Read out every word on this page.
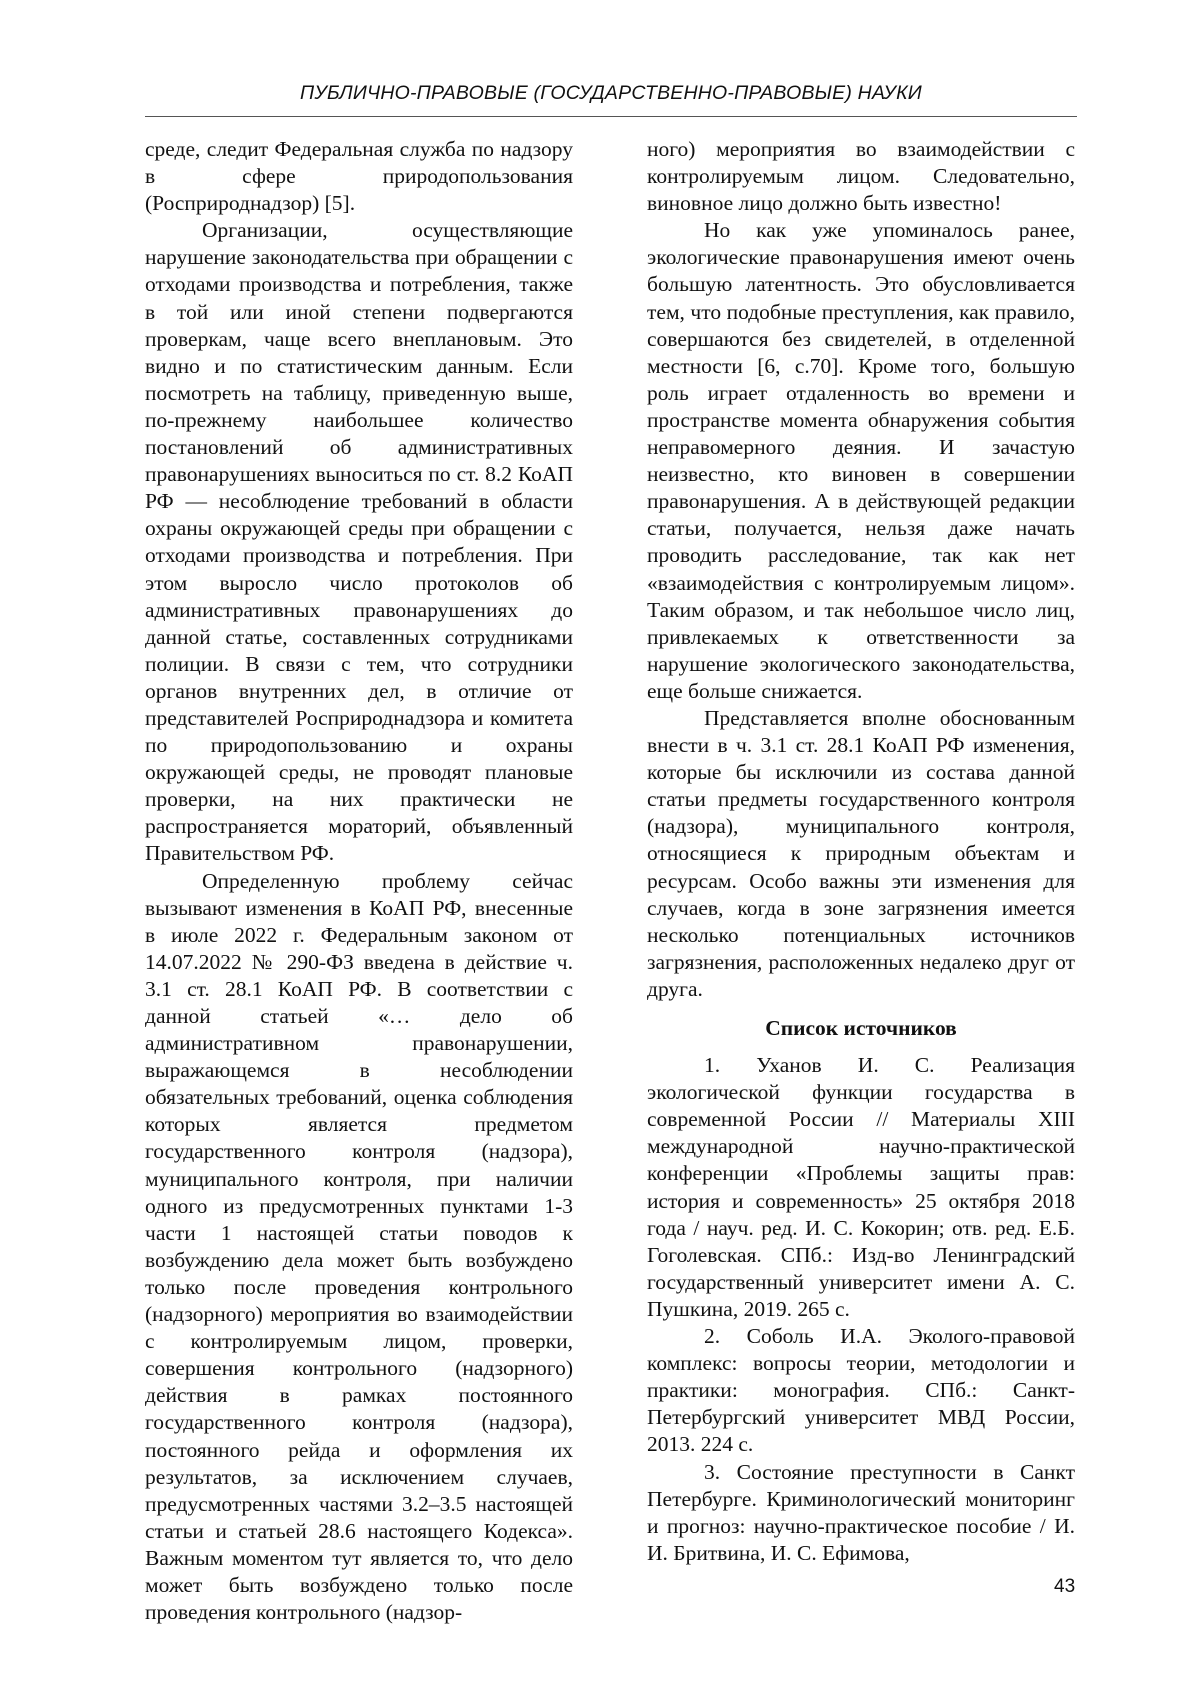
ПУБЛИЧНО-ПРАВОВЫЕ (ГОСУДАРСТВЕННО-ПРАВОВЫЕ) НАУКИ

среде, следит Федеральная служба по надзору в сфере природопользования (Росприроднадзор) [5].

Организации, осуществляющие нарушение законодательства при обращении с отходами производства и потребления, также в той или иной степени подвергаются проверкам, чаще всего внеплановым. Это видно и по статистическим данным. Если посмотреть на таблицу, приведенную выше, по-прежнему наибольшее количество постановлений об административных правонарушениях выноситься по ст. 8.2 КоАП РФ — несоблюдение требований в области охраны окружающей среды при обращении с отходами производства и потребления. При этом выросло число протоколов об административных правонарушениях до данной статье, составленных сотрудниками полиции. В связи с тем, что сотрудники органов внутренних дел, в отличие от представителей Росприроднадзора и комитета по природопользованию и охраны окружающей среды, не проводят плановые проверки, на них практически не распространяется мораторий, объявленный Правительством РФ.

Определенную проблему сейчас вызывают изменения в КоАП РФ, внесенные в июле 2022 г. Федеральным законом от 14.07.2022 № 290-ФЗ введена в действие ч. 3.1 ст. 28.1 КоАП РФ. В соответствии с данной статьей «… дело об административном правонарушении, выражающемся в несоблюдении обязательных требований, оценка соблюдения которых является предметом государственного контроля (надзора), муниципального контроля, при наличии одного из предусмотренных пунктами 1-3 части 1 настоящей статьи поводов к возбуждению дела может быть возбуждено только после проведения контрольного (надзорного) мероприятия во взаимодействии с контролируемым лицом, проверки, совершения контрольного (надзорного) действия в рамках постоянного государственного контроля (надзора), постоянного рейда и оформления их результатов, за исключением случаев, предусмотренных частями 3.2–3.5 настоящей статьи и статьей 28.6 настоящего Кодекса». Важным моментом тут является то, что дело может быть возбуждено только после проведения контрольного (надзор-

ного) мероприятия во взаимодействии с контролируемым лицом. Следовательно, виновное лицо должно быть известно!

Но как уже упоминалось ранее, экологические правонарушения имеют очень большую латентность. Это обусловливается тем, что подобные преступления, как правило, совершаются без свидетелей, в отделенной местности [6, с.70]. Кроме того, большую роль играет отдаленность во времени и пространстве момента обнаружения события неправомерного деяния. И зачастую неизвестно, кто виновен в совершении правонарушения. А в действующей редакции статьи, получается, нельзя даже начать проводить расследование, так как нет «взаимодействия с контролируемым лицом». Таким образом, и так небольшое число лиц, привлекаемых к ответственности за нарушение экологического законодательства, еще больше снижается.

Представляется вполне обоснованным внести в ч. 3.1 ст. 28.1 КоАП РФ изменения, которые бы исключили из состава данной статьи предметы государственного контроля (надзора), муниципального контроля, относящиеся к природным объектам и ресурсам. Особо важны эти изменения для случаев, когда в зоне загрязнения имеется несколько потенциальных источников загрязнения, расположенных недалеко друг от друга.

Список источников

1. Уханов И. С. Реализация экологической функции государства в современной России // Материалы XIII международной научно-практической конференции «Проблемы защиты прав: история и современность» 25 октября 2018 года / науч. ред. И. С. Кокорин; отв. ред. Е.Б. Гоголевская. СПб.: Изд-во Ленинградский государственный университет имени А. С. Пушкина, 2019. 265 с.

2. Соболь И.А. Эколого-правовой комплекс: вопросы теории, методологии и практики: монография. СПб.: Санкт-Петербургский университет МВД России, 2013. 224 с.

3. Состояние преступности в Санкт Петербурге. Криминологический мониторинг и прогноз: научно-практическое пособие / И. И. Бритвина, И. С. Ефимова,

43
